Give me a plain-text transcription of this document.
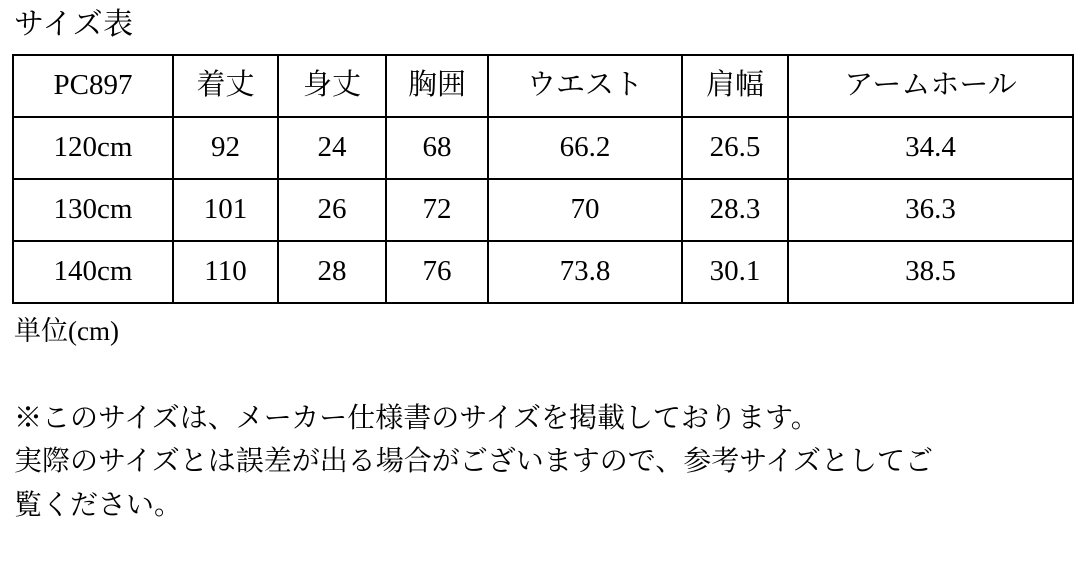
サイズ表
PC897	着丈	身丈	胸囲	ウエスト	肩幅	アームホール
120cm	92	24	68	66.2	26.5	34.4
130cm	101	26	72	70	28.3	36.3
140cm	110	28	76	73.8	30.1	38.5
単位(cm)
※このサイズは、メーカー仕様書のサイズを掲載しております。
実際のサイズとは誤差が出る場合がございますので、参考サイズとしてご
覧ください。
